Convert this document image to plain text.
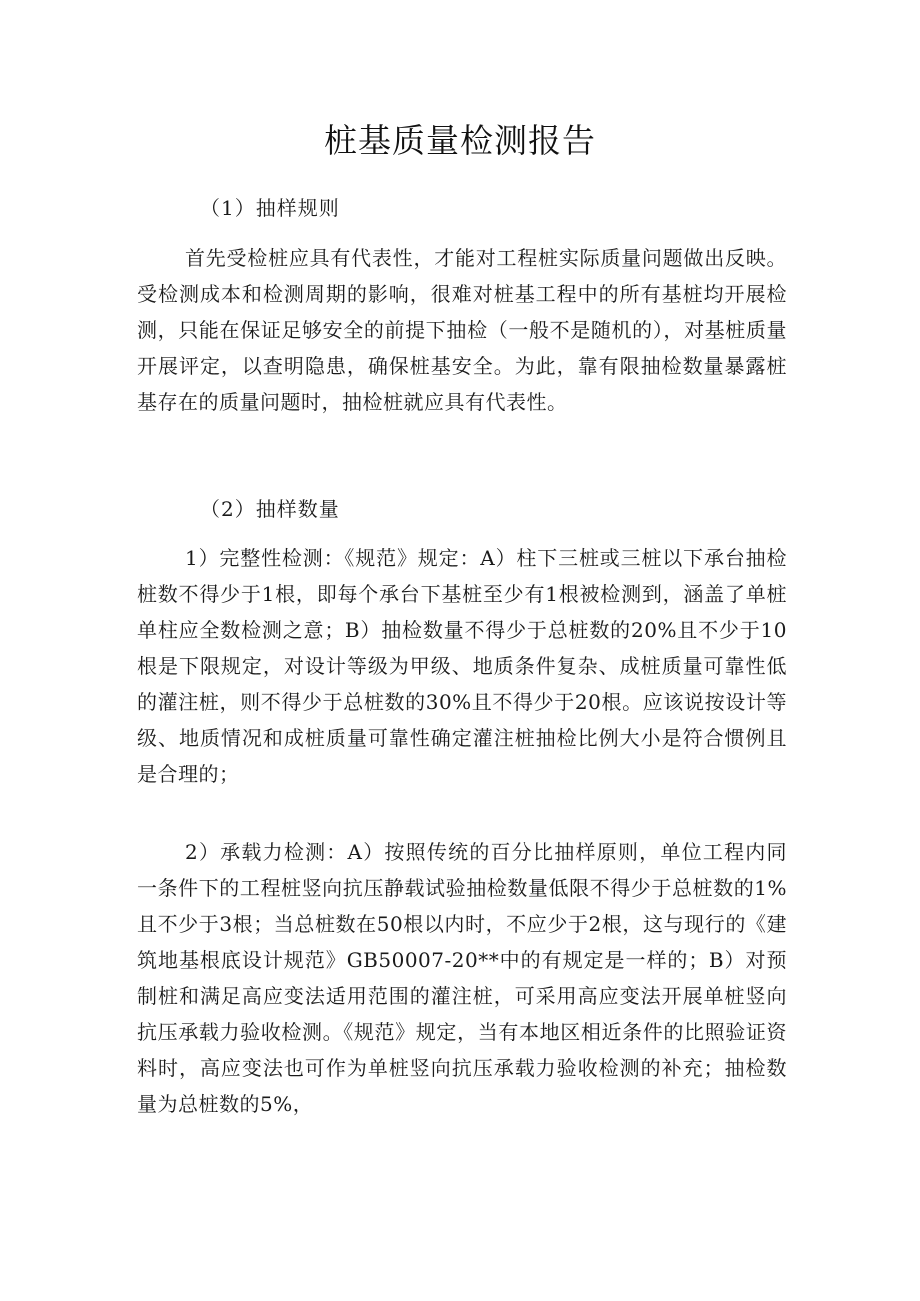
桩基质量检测报告
（1）抽样规则

首先受检桩应具有代表性，才能对工程桩实际质量问题做出反映。受检测成本和检测周期的影响，很难对桩基工程中的所有基桩均开展检测，只能在保证足够安全的前提下抽检（一般不是随机的），对基桩质量开展评定，以查明隐患，确保桩基安全。为此，靠有限抽检数量暴露桩基存在的质量问题时，抽检桩就应具有代表性。

（2）抽样数量

1）完整性检测：《规范》规定：A）柱下三桩或三桩以下承台抽检桩数不得少于1根，即每个承台下基桩至少有1根被检测到，涵盖了单桩单柱应全数检测之意；B）抽检数量不得少于总桩数的20%且不少于10根是下限规定，对设计等级为甲级、地质条件复杂、成桩质量可靠性低的灌注桩，则不得少于总桩数的30%且不得少于20根。应该说按设计等级、地质情况和成桩质量可靠性确定灌注桩抽检比例大小是符合惯例且是合理的；

2）承载力检测：A）按照传统的百分比抽样原则，单位工程内同一条件下的工程桩竖向抗压静载试验抽检数量低限不得少于总桩数的1%且不少于3根；当总桩数在50根以内时，不应少于2根，这与现行的《建筑地基根底设计规范》GB50007-20**中的有规定是一样的；B）对预制桩和满足高应变法适用范围的灌注桩，可采用高应变法开展单桩竖向抗压承载力验收检测。《规范》规定，当有本地区相近条件的比照验证资料时，高应变法也可作为单桩竖向抗压承载力验收检测的补充；抽检数量为总桩数的5%，
